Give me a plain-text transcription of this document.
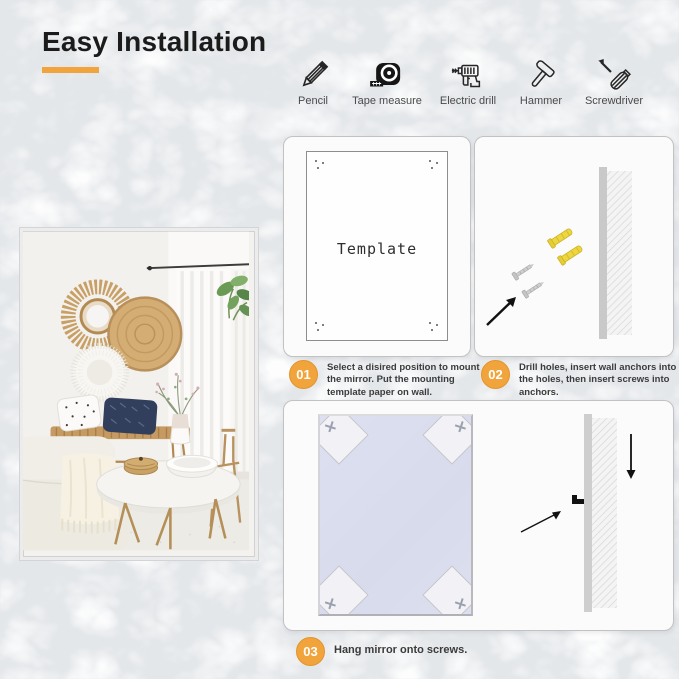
Easy Installation
Pencil Tape measure Electric drill Hammer Screwdriver
Template
01	Select a disired position to mount the mirror. Put the mounting template paper on wall.
02	Drill holes, insert wall anchors into the holes, then insert screws into anchors.
03	Hang mirror onto screws.
